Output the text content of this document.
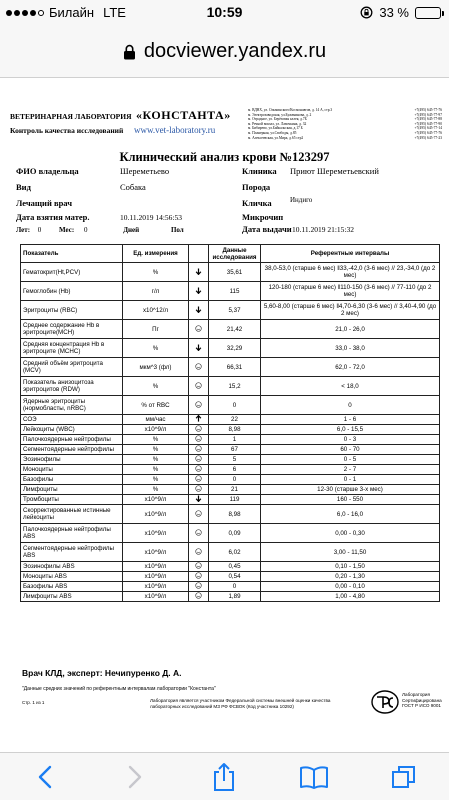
Билайн LTE	10:59	33 %
docviewer.yandex.ru
ВЕТЕРИНАРНАЯ ЛАБОРАТОРИЯ «КОНСТАНТА»
Контроль качества исследований www.vet-laboratory.ru
м. ВДНХ, ул. Ольминского/Космонавтов, д. 14 А, стр.3	+7(495) 645-77-76
м. Электрозаводская, ул.Буженинова, д. 2	+7(495) 645-77-97
м. Отрадное, ул. Берёзовая аллея, д.7Б	+7(495) 645-77-88
м. Речной вокзал, ул. Лавочкина, д. 32	+7(495) 645-77-90
м. Бибирево, ул.Байкальская, д.17 Б	+7(495) 645-77-14
м. Планерная, ул.Свободы, д.85	+7(495) 645-77-76
м. Алексеевская, ул.Мира, д.65 стр2	+7(495) 645-77-23
Клинический анализ крови №123297
ФИО владельца	Шереметьево	Клиника Приют Шереметьевский
Вид	Собака	Порода
Лечащий врач	Кличка	Индиго
Дата взятия матер.	10.11.2019 14:56:53	Микрочип
Лет: 0	Мес: 0	Дней	Пол	Дата выдачи 10.11.2019 21:15:32
Показатель	Ед. измерения		Данные исследования	Референтные интервалы
Гематокрит(Ht,PCV)	%		35,61	38,0-53,0 (старше 6 мес) ‖33,-42,0 (3-6 мес) // 23,-34,0 (до 2 мес)
Гемоглобин (Hb)	г/л		115	120-180 (старше 6 мес) ‖110-150 (3-6 мес) // 77-110 (до 2 мес)
Эритроциты (RBC)	х10^12/л		5,37	5,60-8,00 (старше 6 мес) ‖4,70-6,30 (3-6 мес) // 3,40-4,90 (до 2 мес)
Среднее содержание Hb в эритроците(MCH)	Пг		21,42	21,0 - 26,0
Средняя концентрация Hb в эритроците (MCHC)	%		32,29	33,0 - 38,0
Средний объём эритроцита (MCV)	мкм^3 (фл)		66,31	62,0 - 72,0
Показатель анизоцитоза эритроцитов (RDW)	%		15,2	< 18,0
Ядерные эритроциты (нормобласты, nRBC)	% от RBC		0	0
СОЭ	мм/час		22	1 - 6
Лейкоциты (WBC)	х10^9/л		8,98	6,0 - 15,5
Палочкоядерные нейтрофилы	%		1	0 - 3
Сегментоядерные нейтрофилы	%		67	60 - 70
Эозинофилы	%		5	0 - 5
Моноциты	%		6	2 - 7
Базофилы	%		0	0 - 1
Лимфоциты	%		21	12-30 (старше 3-х мес)
Тромбоциты	х10^9/л		119	160 - 550
Скорректированные истинные лейкоциты	х10^9/л		8,98	6,0 - 16,0
Палочкоядерные нейтрофилы ABS	х10^9/л		0,09	0,00 - 0,30
Сегментоядерные нейтрофилы ABS	х10^9/л		6,02	3,00 - 11,50
Эозинофилы ABS	х10^9/л		0,45	0,10 - 1,50
Моноциты ABS	х10^9/л		0,54	0,20 - 1,30
Базофилы ABS	х10^9/л		0	0,00 - 0,10
Лимфоциты ABS	х10^9/л		1,89	1,00 - 4,80
Врач КЛД, эксперт: Нечипуренко Д. А.
"Данные средних значений по референтным интервалам лаборатории "Константа"
Стр. 1 из 1	Лаборатория является участником Федеральной системы внешней оценки качества лабораторных исследований МЗ РФ ФСВОК (Код участника 10292)
Лаборатория Сертифицирована ГОСТ Р ИСО 9001
